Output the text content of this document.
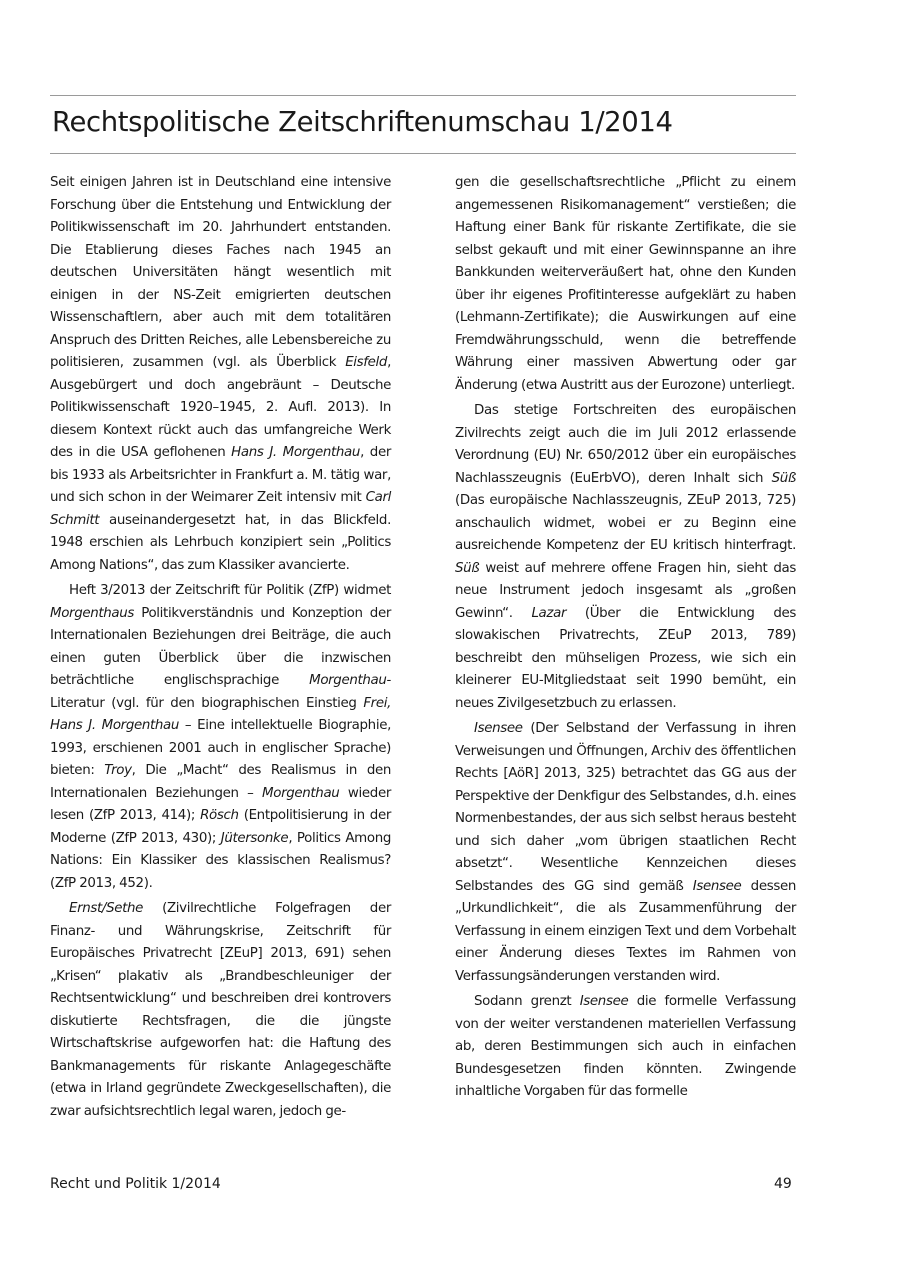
Rechtspolitische Zeitschriftenumschau 1/2014

Seit einigen Jahren ist in Deutschland eine intensive Forschung über die Entstehung und Entwicklung der Politikwissenschaft im 20. Jahrhundert entstanden. Die Etablierung dieses Faches nach 1945 an deutschen Universitäten hängt wesentlich mit einigen in der NS-Zeit emigrierten deutschen Wissenschaftlern, aber auch mit dem totalitären Anspruch des Dritten Reiches, alle Lebensbereiche zu politisieren, zusammen (vgl. als Überblick Eisfeld, Ausgebürgert und doch angebräunt – Deutsche Politikwissenschaft 1920–1945, 2. Aufl. 2013). In diesem Kontext rückt auch das umfangreiche Werk des in die USA geflohenen Hans J. Morgenthau, der bis 1933 als Arbeitsrichter in Frankfurt a. M. tätig war, und sich schon in der Weimarer Zeit intensiv mit Carl Schmitt auseinandergesetzt hat, in das Blickfeld. 1948 erschien als Lehrbuch konzipiert sein „Politics Among Nations“, das zum Klassiker avancierte.

Heft 3/2013 der Zeitschrift für Politik (ZfP) widmet Morgenthaus Politikverständnis und Konzeption der Internationalen Beziehungen drei Beiträge, die auch einen guten Überblick über die inzwischen beträchtliche englischsprachige Morgenthau-Literatur (vgl. für den biographischen Einstieg Frei, Hans J. Morgenthau – Eine intellektuelle Biographie, 1993, erschienen 2001 auch in englischer Sprache) bieten: Troy, Die „Macht“ des Realismus in den Internationalen Beziehungen – Morgenthau wieder lesen (ZfP 2013, 414); Rösch (Entpolitisierung in der Moderne (ZfP 2013, 430); Jütersonke, Politics Among Nations: Ein Klassiker des klassischen Realismus? (ZfP 2013, 452).

Ernst/Sethe (Zivilrechtliche Folgefragen der Finanz- und Währungskrise, Zeitschrift für Europäisches Privatrecht [ZEuP] 2013, 691) sehen „Krisen“ plakativ als „Brandbeschleuniger der Rechtsentwicklung“ und beschreiben drei kontrovers diskutierte Rechtsfragen, die die jüngste Wirtschaftskrise aufgeworfen hat: die Haftung des Bankmanagements für riskante Anlagegeschäfte (etwa in Irland gegründete Zweckgesellschaften), die zwar aufsichtsrechtlich legal waren, jedoch ge-

gen die gesellschaftsrechtliche „Pflicht zu einem angemessenen Risikomanagement“ verstießen; die Haftung einer Bank für riskante Zertifikate, die sie selbst gekauft und mit einer Gewinnspanne an ihre Bankkunden weiterveräußert hat, ohne den Kunden über ihr eigenes Profitinteresse aufgeklärt zu haben (Lehmann-Zertifikate); die Auswirkungen auf eine Fremdwährungsschuld, wenn die betreffende Währung einer massiven Abwertung oder gar Änderung (etwa Austritt aus der Eurozone) unterliegt.

Das stetige Fortschreiten des europäischen Zivilrechts zeigt auch die im Juli 2012 erlassende Verordnung (EU) Nr. 650/2012 über ein europäisches Nachlasszeugnis (EuErbVO), deren Inhalt sich Süß (Das europäische Nachlasszeugnis, ZEuP 2013, 725) anschaulich widmet, wobei er zu Beginn eine ausreichende Kompetenz der EU kritisch hinterfragt. Süß weist auf mehrere offene Fragen hin, sieht das neue Instrument jedoch insgesamt als „großen Gewinn“. Lazar (Über die Entwicklung des slowakischen Privatrechts, ZEuP 2013, 789) beschreibt den mühseligen Prozess, wie sich ein kleinerer EU-Mitgliedstaat seit 1990 bemüht, ein neues Zivilgesetzbuch zu erlassen.

Isensee (Der Selbstand der Verfassung in ihren Verweisungen und Öffnungen, Archiv des öffentlichen Rechts [AöR] 2013, 325) betrachtet das GG aus der Perspektive der Denkfigur des Selbstandes, d.h. eines Normenbestandes, der aus sich selbst heraus besteht und sich daher „vom übrigen staatlichen Recht absetzt“. Wesentliche Kennzeichen dieses Selbstandes des GG sind gemäß Isensee dessen „Urkundlichkeit“, die als Zusammenführung der Verfassung in einem einzigen Text und dem Vorbehalt einer Änderung dieses Textes im Rahmen von Verfassungsänderungen verstanden wird.

Sodann grenzt Isensee die formelle Verfassung von der weiter verstandenen materiellen Verfassung ab, deren Bestimmungen sich auch in einfachen Bundesgesetzen finden könnten. Zwingende inhaltliche Vorgaben für das formelle

Recht und Politik 1/2014	49
